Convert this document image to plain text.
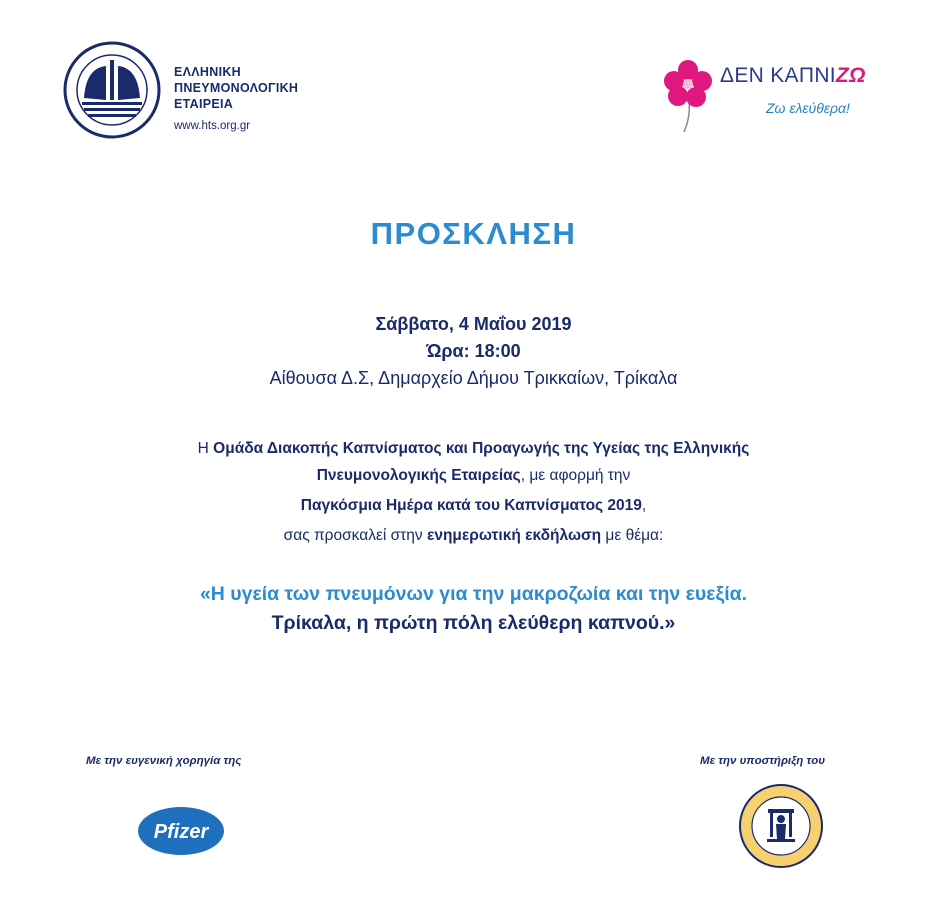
ΕΛΛΗΝΙΚΗ
ΠΝΕΥΜΟΝΟΛΟΓΙΚΗ
ΕΤΑΙΡΕΙΑ
www.hts.org.gr
ΔΕΝ ΚΑΠΝΙΖΩ
Ζω ελεύθερα!
ΠΡΟΣΚΛΗΣΗ
Σάββατο, 4 Μαΐου 2019
Ώρα: 18:00
Αίθουσα Δ.Σ, Δημαρχείο Δήμου Τρικκαίων, Τρίκαλα
Η Ομάδα Διακοπής Καπνίσματος και Προαγωγής της Υγείας της Ελληνικής
Πνευμονολογικής Εταιρείας, με αφορμή την
Παγκόσμια Ημέρα κατά του Καπνίσματος 2019,
σας προσκαλεί στην ενημερωτική εκδήλωση με θέμα:
«Η υγεία των πνευμόνων για την μακροζωία και την ευεξία.
Τρίκαλα, η πρώτη πόλη ελεύθερη καπνού.»
Με την ευγενική χορηγία της	Με την υποστήριξη του
Pfizer
